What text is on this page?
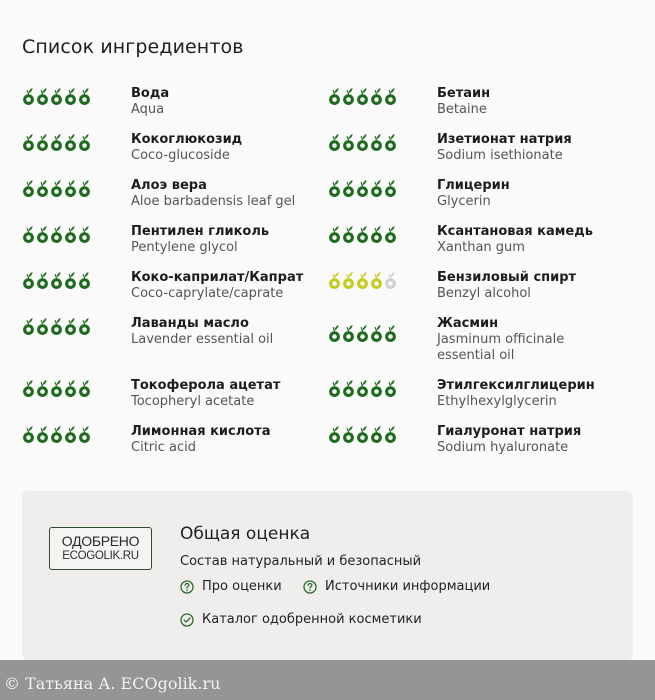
Список ингредиентов
Вода
Aqua
Кокоглюкозид
Coco-glucoside
Алоэ вера
Aloe barbadensis leaf gel
Пентилен гликоль
Pentylene glycol
Коко-каприлат/Капрат
Coco-caprylate/caprate
Лаванды масло
Lavender essential oil
Токоферола ацетат
Tocopheryl acetate
Лимонная кислота
Citric acid
Бетаин
Betaine
Изетионат натрия
Sodium isethionate
Глицерин
Glycerin
Ксантановая камедь
Xanthan gum
Бензиловый спирт
Benzyl alcohol
Жасмин
Jasminum officinale essential oil
Этилгексилглицерин
Ethylhexylglycerin
Гиалуронат натрия
Sodium hyaluronate
ОДОБРЕНО
ECOGOLIK.RU
Общая оценка
Состав натуральный и безопасный
Про оценки	Источники информации
Каталог одобренной косметики
© Татьяна А. ECOgolik.ru
